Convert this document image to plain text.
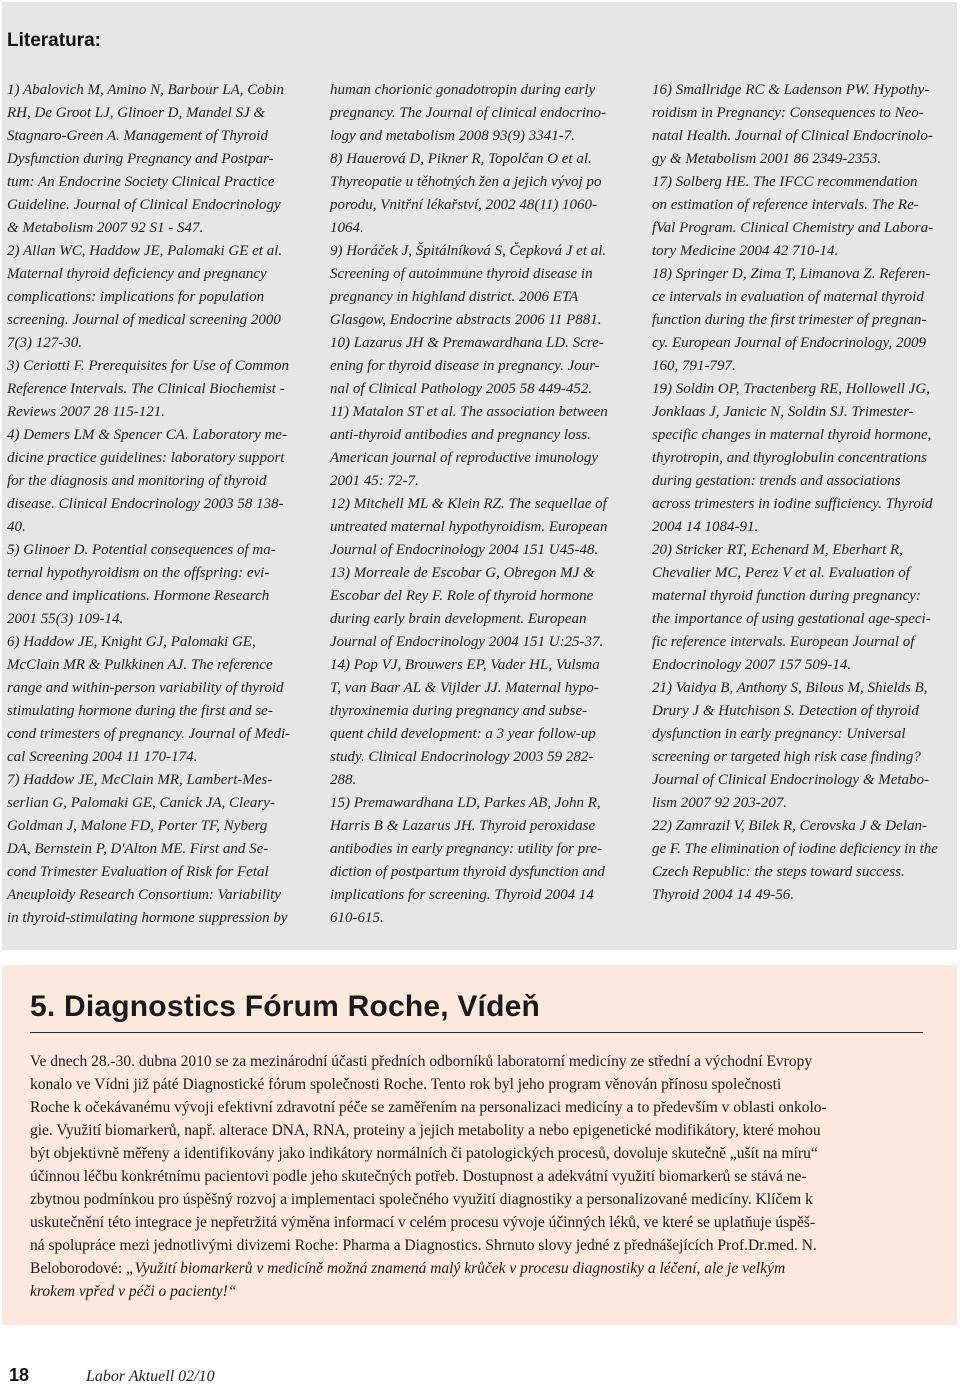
Literatura:
1) Abalovich M, Amino N, Barbour LA, Cobin
RH, De Groot LJ, Glinoer D, Mandel SJ &
Stagnaro-Green A. Management of Thyroid
Dysfunction during Pregnancy and Postpar-
tum: An Endocrine Society Clinical Practice
Guideline. Journal of Clinical Endocrinology
& Metabolism 2007 92 S1 - S47.
2) Allan WC, Haddow JE, Palomaki GE et al.
Maternal thyroid deficiency and pregnancy
complications: implications for population
screening. Journal of medical screening 2000
7(3) 127-30.
3) Ceriotti F. Prerequisites for Use of Common
Reference Intervals. The Clinical Biochemist -
Reviews 2007 28 115-121.
4) Demers LM & Spencer CA. Laboratory me-
dicine practice guidelines: laboratory support
for the diagnosis and monitoring of thyroid
disease. Clinical Endocrinology 2003 58 138-
40.
5) Glinoer D. Potential consequences of ma-
ternal hypothyroidism on the offspring: evi-
dence and implications. Hormone Research
2001 55(3) 109-14.
6) Haddow JE, Knight GJ, Palomaki GE,
McClain MR & Pulkkinen AJ. The reference
range and within-person variability of thyroid
stimulating hormone during the first and se-
cond trimesters of pregnancy. Journal of Medi-
cal Screening 2004 11 170-174.
7) Haddow JE, McClain MR, Lambert-Mes-
serlian G, Palomaki GE, Canick JA, Cleary-
Goldman J, Malone FD, Porter TF, Nyberg
DA, Bernstein P, D'Alton ME. First and Se-
cond Trimester Evaluation of Risk for Fetal
Aneuploidy Research Consortium: Variability
in thyroid-stimulating hormone suppression by
human chorionic gonadotropin during early
pregnancy. The Journal of clinical endocrino-
logy and metabolism 2008 93(9) 3341-7.
8) Hauerová D, Pikner R, Topolčan O et al.
Thyreopatie u těhotných žen a jejich vývoj po
porodu, Vnitřní lékařství, 2002 48(11) 1060-
1064.
9) Horáček J, Špitálníková S, Čepková J et al.
Screening of autoimmune thyroid disease in
pregnancy in highland district. 2006 ETA
Glasgow, Endocrine abstracts 2006 11 P881.
10) Lazarus JH & Premawardhana LD. Scre-
ening for thyroid disease in pregnancy. Jour-
nal of Clinical Pathology 2005 58 449-452.
11) Matalon ST et al. The association between
anti-thyroid antibodies and pregnancy loss.
American journal of reproductive imunology
2001 45: 72-7.
12) Mitchell ML & Klein RZ. The sequellae of
untreated maternal hypothyroidism. European
Journal of Endocrinology 2004 151 U45-48.
13) Morreale de Escobar G, Obregon MJ &
Escobar del Rey F. Role of thyroid hormone
during early brain development. European
Journal of Endocrinology 2004 151 U:25-37.
14) Pop VJ, Brouwers EP, Vader HL, Vulsma
T, van Baar AL & Vijlder JJ. Maternal hypo-
thyroxinemia during pregnancy and subse-
quent child development: a 3 year follow-up
study. Clinical Endocrinology 2003 59 282-
288.
15) Premawardhana LD, Parkes AB, John R,
Harris B & Lazarus JH. Thyroid peroxidase
antibodies in early pregnancy: utility for pre-
diction of postpartum thyroid dysfunction and
implications for screening. Thyroid 2004 14
610-615.
16) Smallridge RC & Ladenson PW. Hypothy-
roidism in Pregnancy: Consequences to Neo-
natal Health. Journal of Clinical Endocrinolo-
gy & Metabolism 2001 86 2349-2353.
17) Solberg HE. The IFCC recommendation
on estimation of reference intervals. The Re-
fVal Program. Clinical Chemistry and Labora-
tory Medicine 2004 42 710-14.
18) Springer D, Zima T, Limanova Z. Referen-
ce intervals in evaluation of maternal thyroid
function during the first trimester of pregnan-
cy. European Journal of Endocrinology, 2009
160, 791-797.
19) Soldin OP, Tractenberg RE, Hollowell JG,
Jonklaas J, Janicic N, Soldin SJ. Trimester-
specific changes in maternal thyroid hormone,
thyrotropin, and thyroglobulin concentrations
during gestation: trends and associations
across trimesters in iodine sufficiency. Thyroid
2004 14 1084-91.
20) Stricker RT, Echenard M, Eberhart R,
Chevalier MC, Perez V et al. Evaluation of
maternal thyroid function during pregnancy:
the importance of using gestational age-speci-
fic reference intervals. European Journal of
Endocrinology 2007 157 509-14.
21) Vaidya B, Anthony S, Bilous M, Shields B,
Drury J & Hutchison S. Detection of thyroid
dysfunction in early pregnancy: Universal
screening or targeted high risk case finding?
Journal of Clinical Endocrinology & Metabo-
lism 2007 92 203-207.
22) Zamrazil V, Bilek R, Cerovska J & Delan-
ge F. The elimination of iodine deficiency in the
Czech Republic: the steps toward success.
Thyroid 2004 14 49-56.
5. Diagnostics Fórum Roche, Vídeň
Ve dnech 28.-30. dubna 2010 se za mezinárodní účasti předních odborníků laboratorní medicíny ze střední a východní Evropy
konalo ve Vídni již páté Diagnostické fórum společnosti Roche. Tento rok byl jeho program věnován přínosu společnosti
Roche k očekávanému vývoji efektivní zdravotní péče se zaměřením na personalizaci medicíny a to především v oblasti onkolo-
gie. Využití biomarkerů, např. alterace DNA, RNA, proteiny a jejich metabolity a nebo epigenetické modifikátory, které mohou
být objektivně měřeny a identifikovány jako indikátory normálních či patologických procesů, dovoluje skutečně „ušít na míru“
účinnou léčbu konkrétnímu pacientovi podle jeho skutečných potřeb. Dostupnost a adekvátní využití biomarkerů se stává ne-
zbytnou podmínkou pro úspěšný rozvoj a implementaci společného využití diagnostiky a personalizované medicíny. Klíčem k
uskutečnění této integrace je nepřetržitá výměna informací v celém procesu vývoje účinných léků, ve které se uplatňuje úspěš-
ná spolupráce mezi jednotlivými divizemi Roche: Pharma a Diagnostics. Shrnuto slovy jedné z přednášejících Prof.Dr.med. N.
Beloborodové: „Využití biomarkerů v medicíně možná znamená malý krůček v procesu diagnostiky a léčení, ale je velkým
krokem vpřed v péči o pacienty!“
18	Labor Aktuell 02/10
